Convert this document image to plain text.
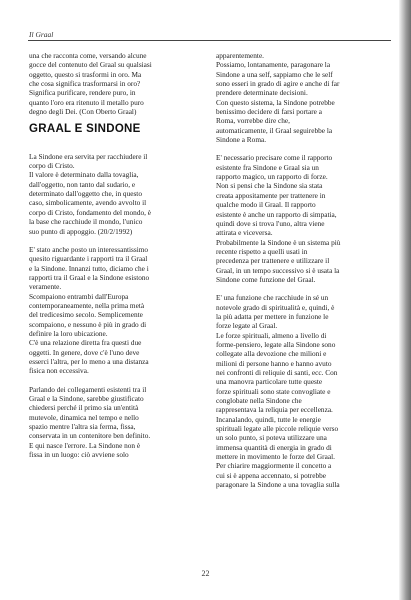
Il Graal

una che racconta come, versando alcune
gocce del contenuto del Graal su qualsiasi
oggetto, questo si trasformi in oro. Ma
che cosa significa trasformarsi in oro?
Significa purificare, rendere puro, in
quanto l'oro era ritenuto il metallo puro
degno degli Dei. (Con Oberto Graal)

GRAAL E SINDONE

La Sindone era servita per racchiudere il
corpo di Cristo.
Il valore è determinato dalla tovaglia,
dall'oggetto, non tanto dal sudario, e
determinato dall'oggetto che, in questo
caso, simbolicamente, avendo avvolto il
corpo di Cristo, fondamento del mondo, è
la base che racchiude il mondo, l'unico
suo punto di appoggio. (20/2/1992)

E' stato anche posto un interessantissimo
quesito riguardante i rapporti tra il Graal
e la Sindone. Innanzi tutto, diciamo che i
rapporti tra il Graal e la Sindone esistono
veramente.
Scompaiono entrambi dall'Europa
contemporaneamente, nella prima metà
del tredicesimo secolo. Semplicemente
scompaiono, e nessuno è più in grado di
definire la loro ubicazione.
C'è una relazione diretta fra questi due
oggetti. In genere, dove c'è l'uno deve
esserci l'altra, per lo meno a una distanza
fisica non eccessiva.

Parlando dei collegamenti esistenti tra il
Graal e la Sindone, sarebbe giustificato
chiedersi perché il primo sia un'entità
mutevole, dinamica nel tempo e nello
spazio mentre l'altra sia ferma, fissa,
conservata in un contenitore ben definito.
E qui nasce l'errore. La Sindone non è
fissa in un luogo: ciò avviene solo

apparentemente.
Possiamo, lontanamente, paragonare la
Sindone a una self, sappiamo che le self
sono esseri in grado di agire e anche di far
prendere determinate decisioni.
Con questo sistema, la Sindone potrebbe
benissimo decidere di farsi portare a
Roma, vorrebbe dire che,
automaticamente, il Graal seguirebbe la
Sindone a Roma.

E' necessario precisare come il rapporto
esistente fra Sindone e Graal sia un
rapporto magico, un rapporto di forze.
Non si pensi che la Sindone sia stata
creata appositamente per trattenere in
qualche modo il Graal. Il rapporto
esistente è anche un rapporto di simpatia,
quindi dove si trova l'uno, altra viene
attirata e viceversa.
Probabilmente la Sindone è un sistema più
recente rispetto a quelli usati in
precedenza per trattenere e utilizzare il
Graal, in un tempo successivo si è usata la
Sindone come funzione del Graal.

E' una funzione che racchiude in sé un
notevole grado di spiritualità e, quindi, è
la più adatta per mettere in funzione le
forze legate al Graal.
Le forze spirituali, almeno a livello di
forme-pensiero, legate alla Sindone sono
collegate alla devozione che milioni e
milioni di persone hanno e hanno avuto
nei confronti di reliquie di santi, ecc. Con
una manovra particolare tutte queste
forze spirituali sono state convogliate e
conglobate nella Sindone che
rappresentava la reliquia per eccellenza.
Incanalando, quindi, tutte le energie
spirituali legate alle piccole reliquie verso
un solo punto, si poteva utilizzare una
immensa quantità di energia in grado di
mettere in movimento le forze del Graal.
Per chiarire maggiormente il concetto a
cui si è appena accennato, si potrebbe
paragonare la Sindone a una tovaglia sulla

22
